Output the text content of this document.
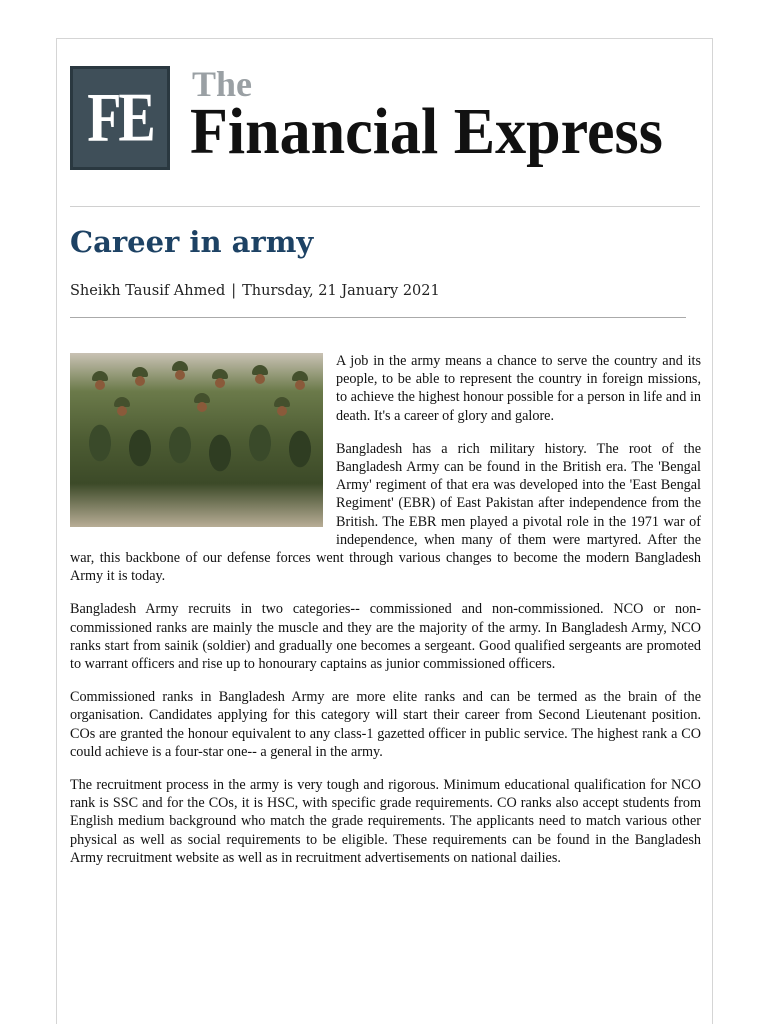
FE The
Financial Express
Career in army
Sheikh Tausif Ahmed | Thursday, 21 January 2021

A job in the army means a chance to serve the country and its people, to be able to represent the country in foreign missions, to achieve the highest honour possible for a person in life and in death. It's a career of glory and galore.

Bangladesh has a rich military history. The root of the Bangladesh Army can be found in the British era. The 'Bengal Army' regiment of that era was developed into the 'East Bengal Regiment' (EBR) of East Pakistan after independence from the British. The EBR men played a pivotal role in the 1971 war of independence, when many of them were martyred. After the war, this backbone of our defense forces went through various changes to become the modern Bangladesh Army it is today.

Bangladesh Army recruits in two categories-- commissioned and non-commissioned. NCO or non-commissioned ranks are mainly the muscle and they are the majority of the army. In Bangladesh Army, NCO ranks start from sainik (soldier) and gradually one becomes a sergeant. Good qualified sergeants are promoted to warrant officers and rise up to honourary captains as junior commissioned officers.

Commissioned ranks in Bangladesh Army are more elite ranks and can be termed as the brain of the organisation. Candidates applying for this category will start their career from Second Lieutenant position. COs are granted the honour equivalent to any class-1 gazetted officer in public service. The highest rank a CO could achieve is a four-star one-- a general in the army.

The recruitment process in the army is very tough and rigorous. Minimum educational qualification for NCO rank is SSC and for the COs, it is HSC, with specific grade requirements. CO ranks also accept students from English medium background who match the grade requirements. The applicants need to match various other physical as well as social requirements to be eligible. These requirements can be found in the Bangladesh Army recruitment website as well as in recruitment advertisements on national dailies.
